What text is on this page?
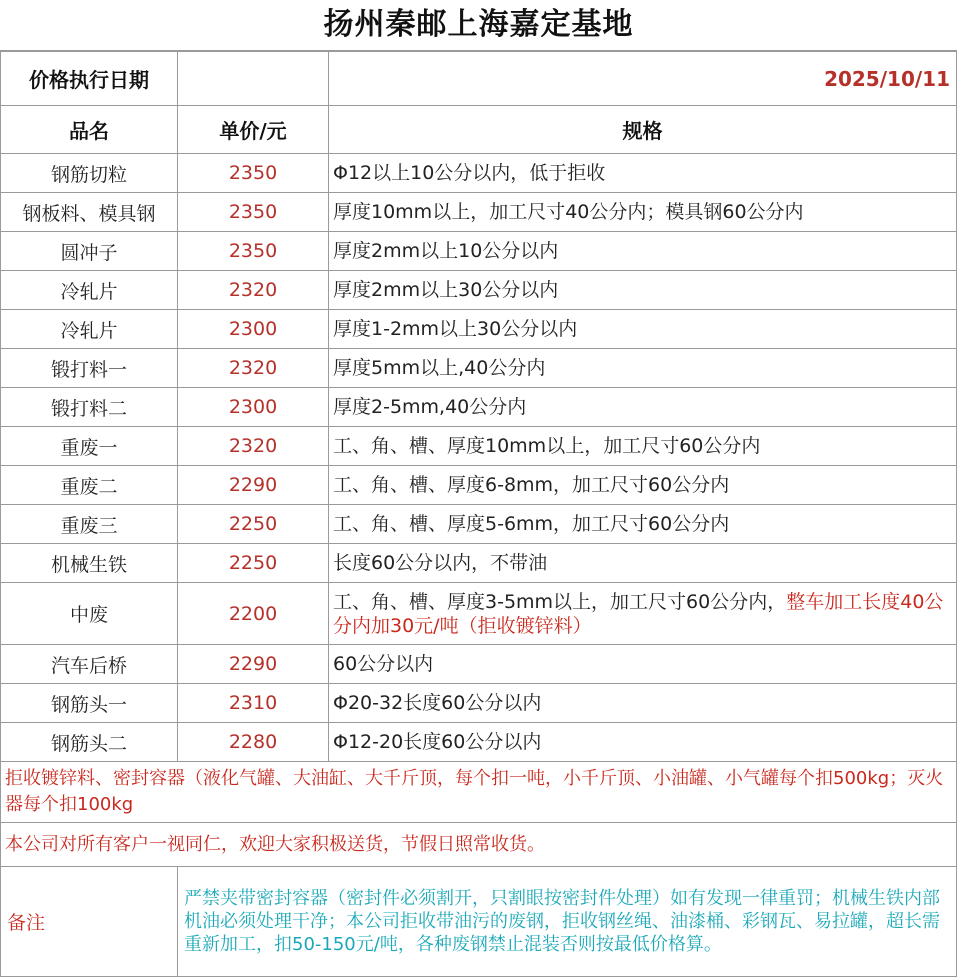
扬州秦邮上海嘉定基地
价格执行日期		2025/10/11
品名	单价/元	规格
钢筋切粒	2350	Φ12以上10公分以内，低于拒收
钢板料、模具钢	2350	厚度10mm以上，加工尺寸40公分内；模具钢60公分内
圆冲子	2350	厚度2mm以上10公分以内
冷轧片	2320	厚度2mm以上30公分以内
冷轧片	2300	厚度1-2mm以上30公分以内
锻打料一	2320	厚度5mm以上,40公分内
锻打料二	2300	厚度2-5mm,40公分内
重废一	2320	工、角、槽、厚度10mm以上，加工尺寸60公分内
重废二	2290	工、角、槽、厚度6-8mm，加工尺寸60公分内
重废三	2250	工、角、槽、厚度5-6mm，加工尺寸60公分内
机械生铁	2250	长度60公分以内，不带油
中废	2200	工、角、槽、厚度3-5mm以上，加工尺寸60公分内，整车加工长度40公分内加30元/吨（拒收镀锌料）
汽车后桥	2290	60公分以内
钢筋头一	2310	Φ20-32长度60公分以内
钢筋头二	2280	Φ12-20长度60公分以内
拒收镀锌料、密封容器（液化气罐、大油缸、大千斤顶，每个扣一吨，小千斤顶、小油罐、小气罐每个扣500kg；灭火器每个扣100kg		
本公司对所有客户一视同仁，欢迎大家积极送货，节假日照常收货。		
备注	严禁夹带密封容器（密封件必须割开，只割眼按密封件处理）如有发现一律重罚；机械生铁内部机油必须处理干净；本公司拒收带油污的废钢，拒收钢丝绳、油漆桶、彩钢瓦、易拉罐，超长需重新加工，扣50-150元/吨，各种废钢禁止混装否则按最低价格算。	
